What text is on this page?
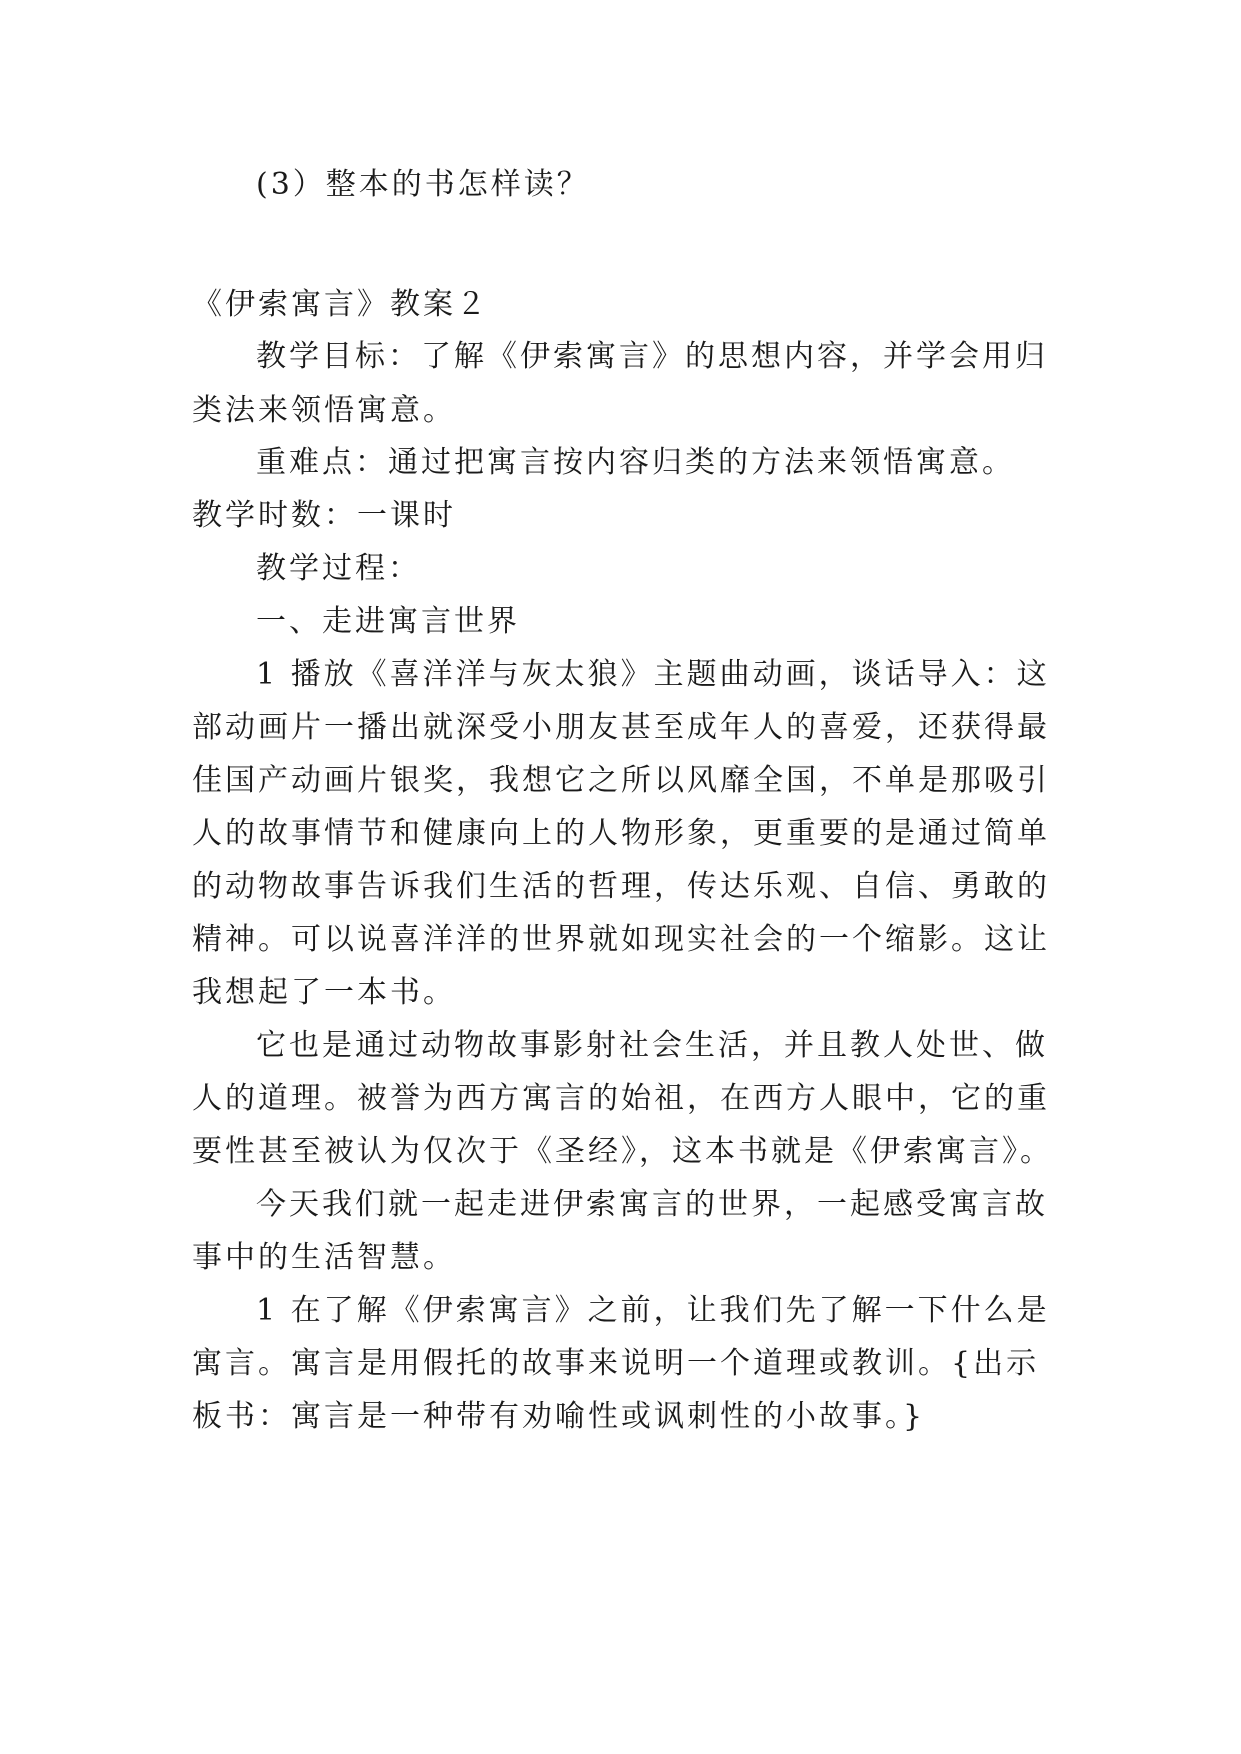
(3）整本的书怎样读？
《伊索寓言》教案２
教学目标：了解《伊索寓言》的思想内容，并学会用归
类法来领悟寓意。
重难点：通过把寓言按内容归类的方法来领悟寓意。
教学时数：一课时
教学过程：
一、走进寓言世界
1 播放《喜洋洋与灰太狼》主题曲动画，谈话导入：这
部动画片一播出就深受小朋友甚至成年人的喜爱，还获得最
佳国产动画片银奖，我想它之所以风靡全国，不单是那吸引
人的故事情节和健康向上的人物形象，更重要的是通过简单
的动物故事告诉我们生活的哲理，传达乐观、自信、勇敢的
精神。可以说喜洋洋的世界就如现实社会的一个缩影。这让
我想起了一本书。
它也是通过动物故事影射社会生活，并且教人处世、做
人的道理。被誉为西方寓言的始祖，在西方人眼中，它的重
要性甚至被认为仅次于《圣经》，这本书就是《伊索寓言》。
今天我们就一起走进伊索寓言的世界，一起感受寓言故
事中的生活智慧。
1 在了解《伊索寓言》之前，让我们先了解一下什么是
寓言。寓言是用假托的故事来说明一个道理或教训。{出示
板书：寓言是一种带有劝喻性或讽刺性的小故事。}
